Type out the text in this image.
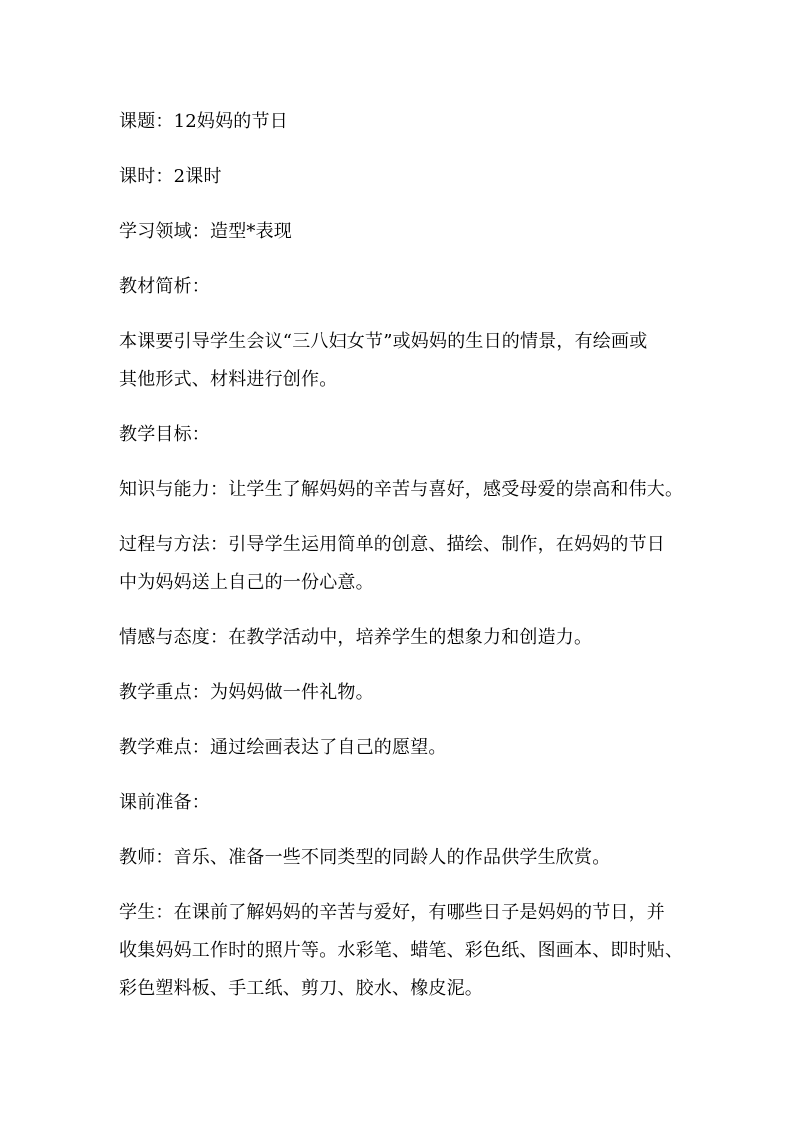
课题：12妈妈的节日

课时：2课时

学习领域：造型*表现

教材简析：

本课要引导学生会议“三八妇女节”或妈妈的生日的情景，有绘画或
其他形式、材料进行创作。

教学目标：

知识与能力：让学生了解妈妈的辛苦与喜好，感受母爱的崇高和伟大。

过程与方法：引导学生运用简单的创意、描绘、制作，在妈妈的节日
中为妈妈送上自己的一份心意。

情感与态度：在教学活动中，培养学生的想象力和创造力。

教学重点：为妈妈做一件礼物。

教学难点：通过绘画表达了自己的愿望。

课前准备：

教师：音乐、准备一些不同类型的同龄人的作品供学生欣赏。

学生：在课前了解妈妈的辛苦与爱好，有哪些日子是妈妈的节日，并
收集妈妈工作时的照片等。水彩笔、蜡笔、彩色纸、图画本、即时贴、
彩色塑料板、手工纸、剪刀、胶水、橡皮泥。
